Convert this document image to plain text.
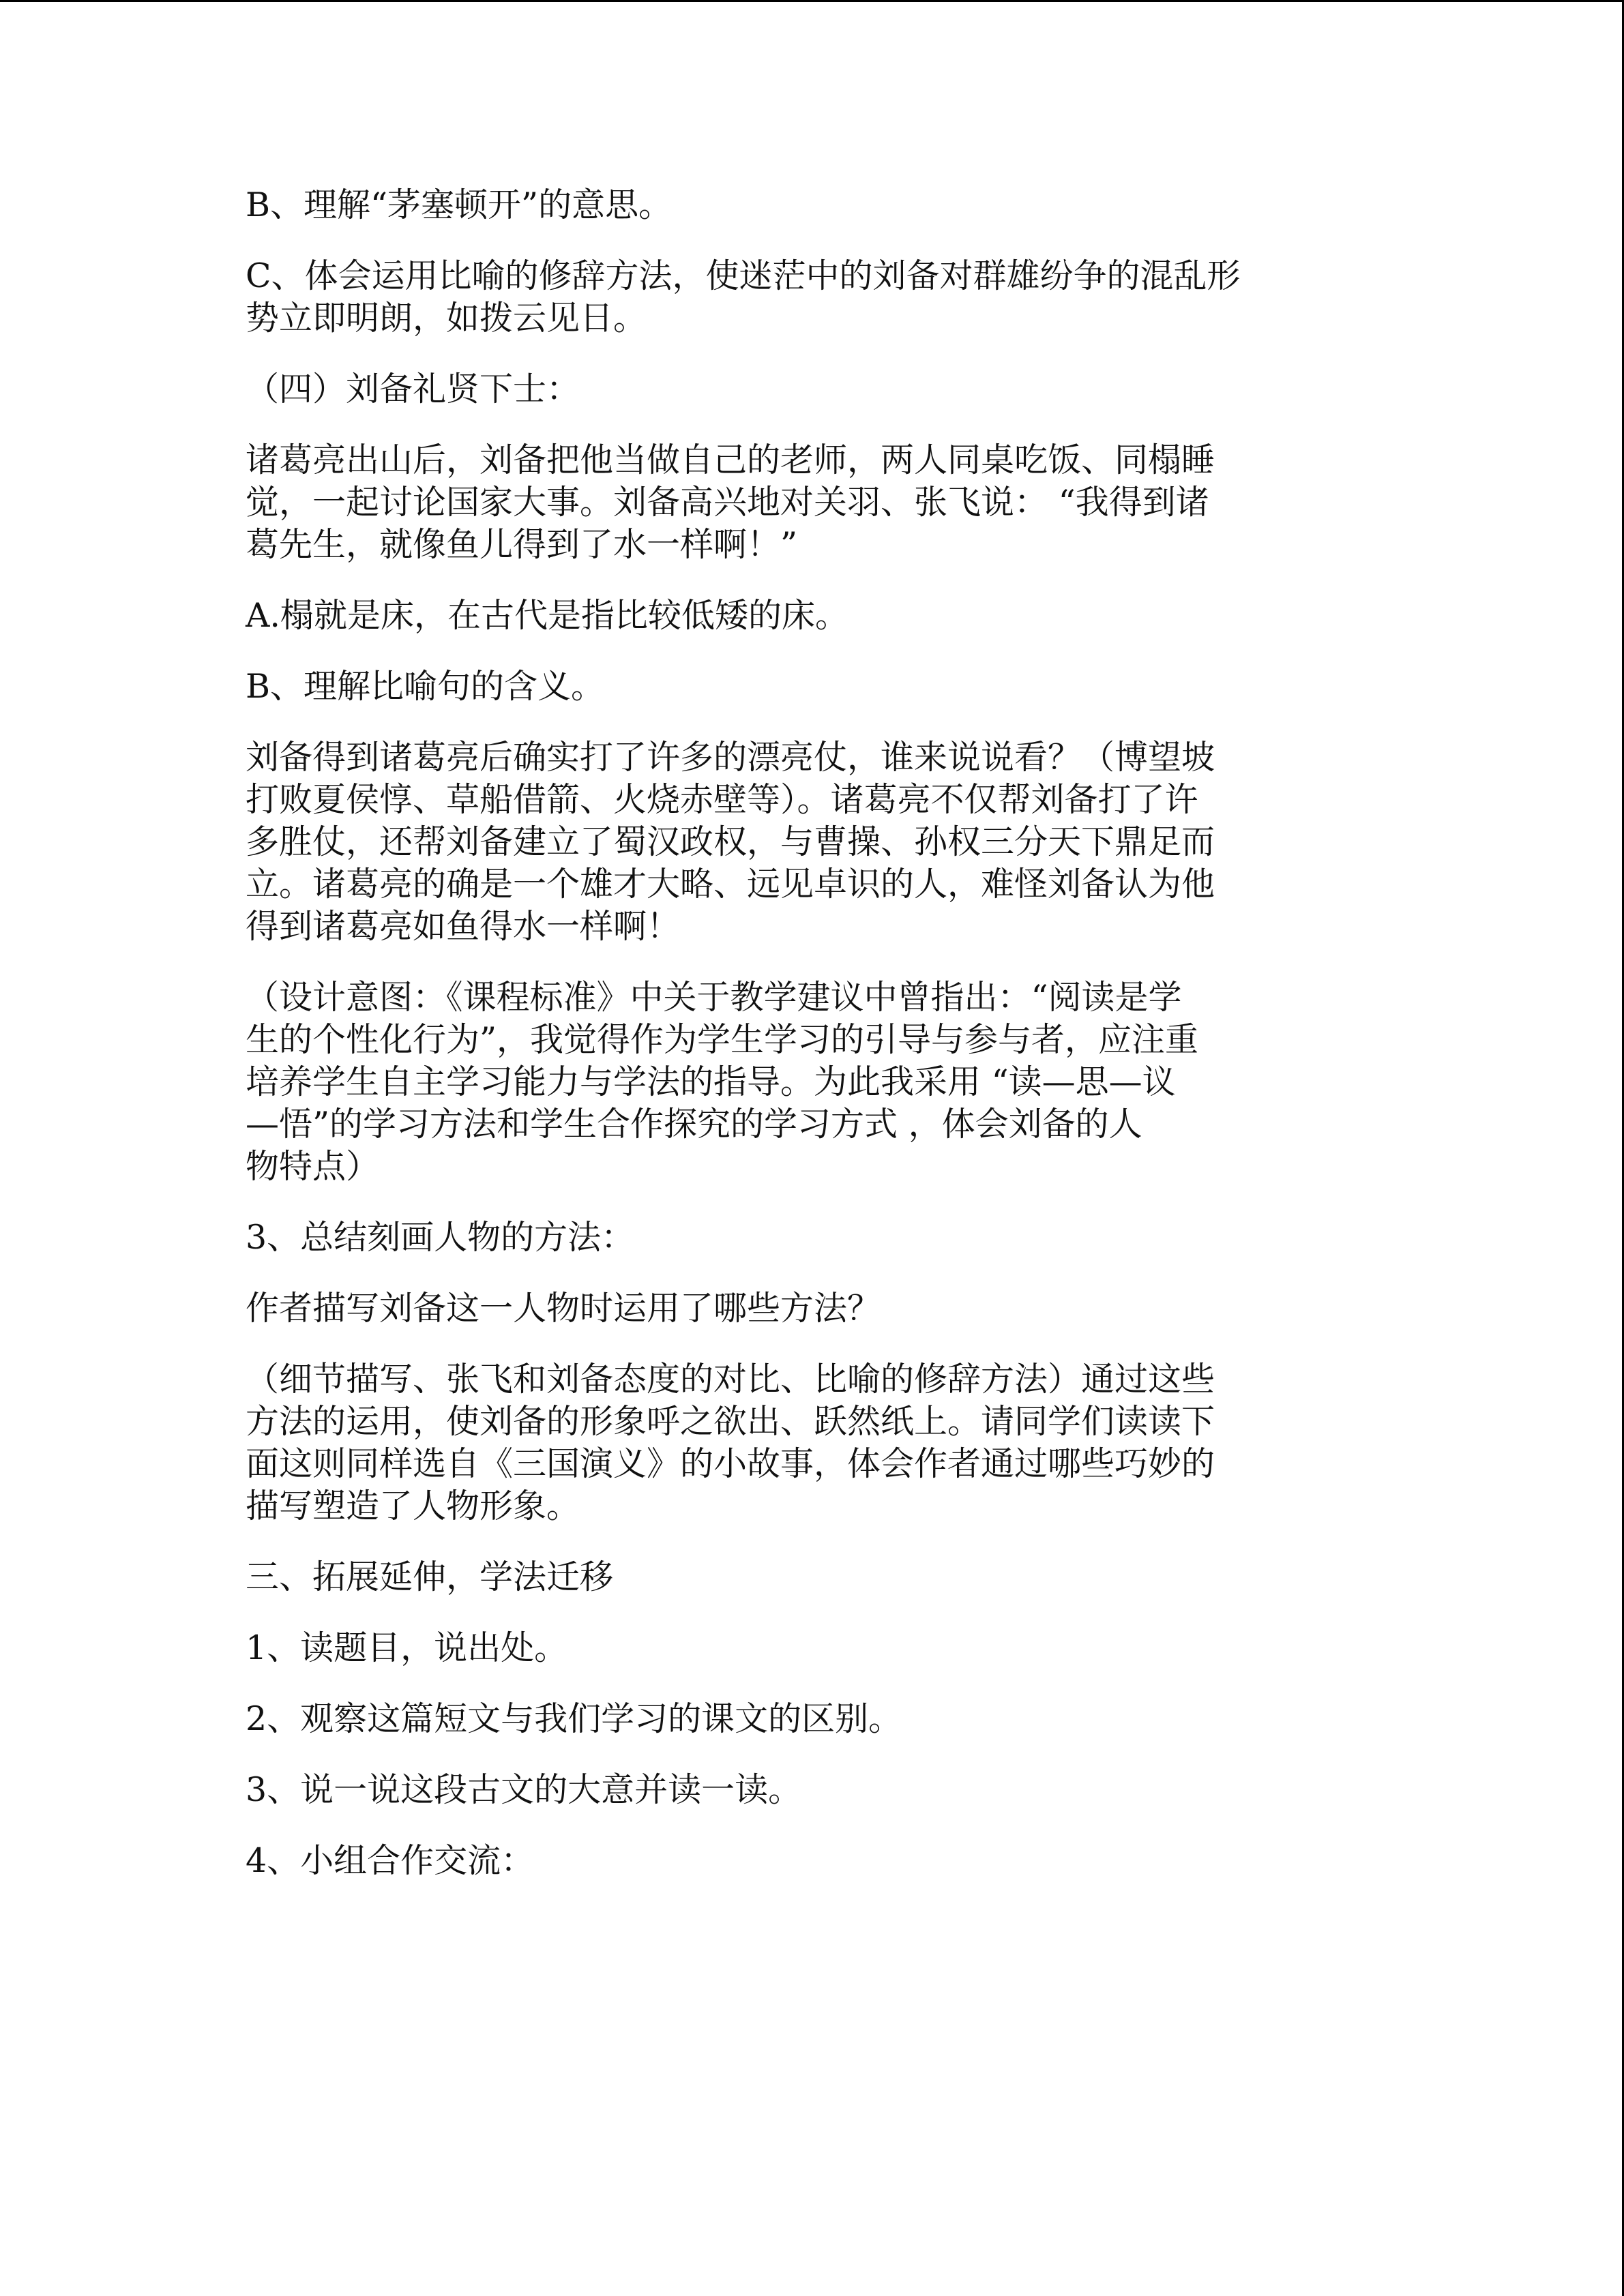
B、理解“茅塞顿开”的意思。

C、体会运用比喻的修辞方法，使迷茫中的刘备对群雄纷争的混乱形
势立即明朗，如拨云见日。

（四）刘备礼贤下士：

诸葛亮出山后，刘备把他当做自己的老师，两人同桌吃饭、同榻睡
觉，一起讨论国家大事。刘备高兴地对关羽、张飞说： “我得到诸
葛先生，就像鱼儿得到了水一样啊！”

A.榻就是床，在古代是指比较低矮的床。

B、理解比喻句的含义。

刘备得到诸葛亮后确实打了许多的漂亮仗，谁来说说看？（博望坡
打败夏侯惇、草船借箭、火烧赤壁等）。诸葛亮不仅帮刘备打了许
多胜仗，还帮刘备建立了蜀汉政权，与曹操、孙权三分天下鼎足而
立。诸葛亮的确是一个雄才大略、远见卓识的人，难怪刘备认为他
得到诸葛亮如鱼得水一样啊！

（设计意图：《课程标准》中关于教学建议中曾指出：“阅读是学
生的个性化行为”，我觉得作为学生学习的引导与参与者，应注重
培养学生自主学习能力与学法的指导。为此我采用 “读—思—议
—悟”的学习方法和学生合作探究的学习方式 ，体会刘备的人
物特点）

3、总结刻画人物的方法：

作者描写刘备这一人物时运用了哪些方法？

（细节描写、张飞和刘备态度的对比、比喻的修辞方法）通过这些
方法的运用，使刘备的形象呼之欲出、跃然纸上。请同学们读读下
面这则同样选自《三国演义》的小故事，体会作者通过哪些巧妙的
描写塑造了人物形象。

三、拓展延伸，学法迁移

1、读题目，说出处。

2、观察这篇短文与我们学习的课文的区别。

3、说一说这段古文的大意并读一读。

4、小组合作交流：
